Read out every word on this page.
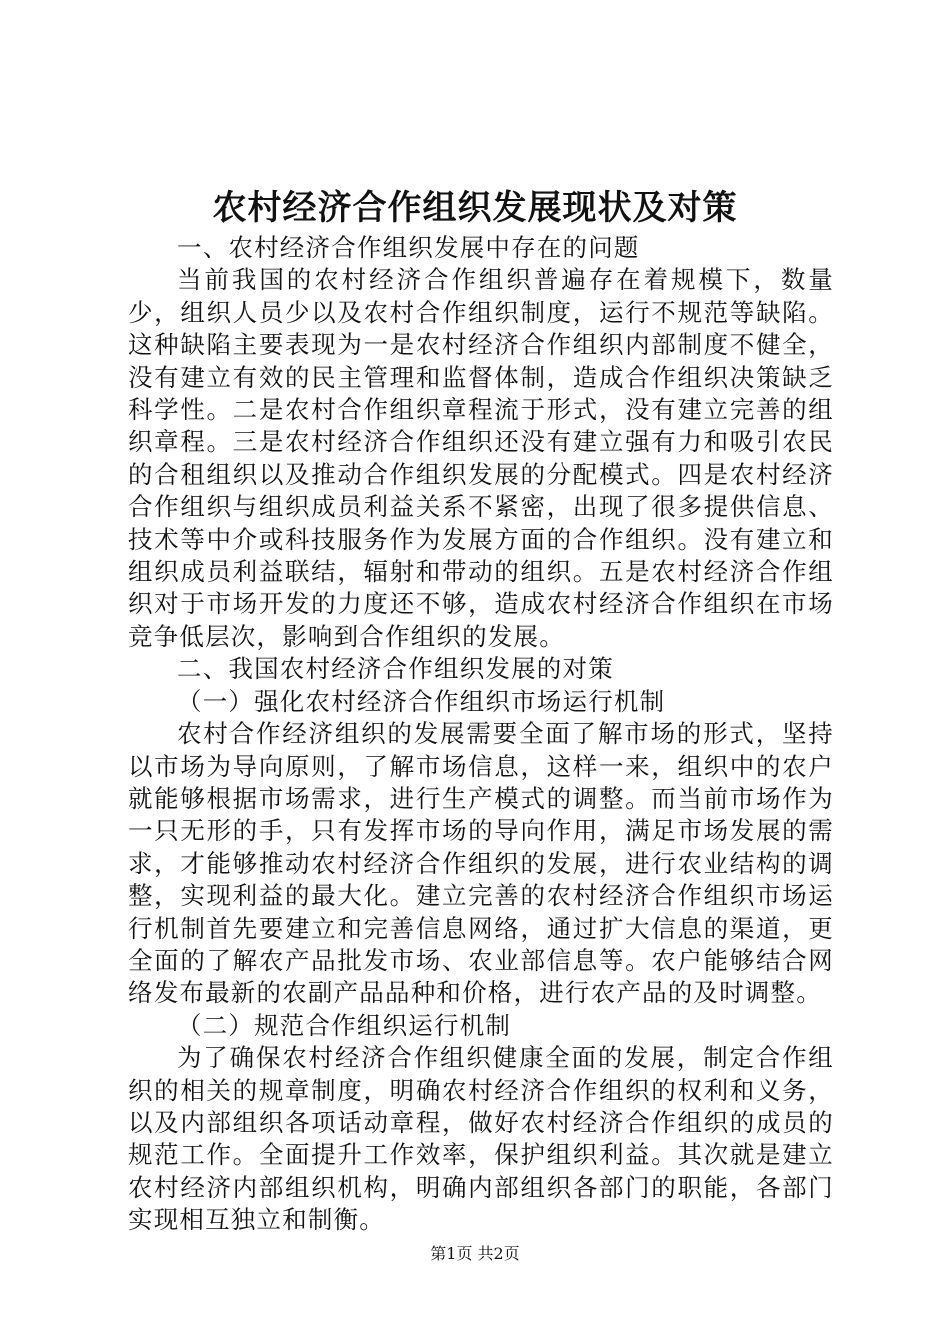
农村经济合作组织发展现状及对策

一、农村经济合作组织发展中存在的问题

当前我国的农村经济合作组织普遍存在着规模下，数量少，组织人员少以及农村合作组织制度，运行不规范等缺陷。这种缺陷主要表现为一是农村经济合作组织内部制度不健全，没有建立有效的民主管理和监督体制，造成合作组织决策缺乏科学性。二是农村合作组织章程流于形式，没有建立完善的组织章程。三是农村经济合作组织还没有建立强有力和吸引农民的合租组织以及推动合作组织发展的分配模式。四是农村经济合作组织与组织成员利益关系不紧密，出现了很多提供信息、技术等中介或科技服务作为发展方面的合作组织。没有建立和组织成员利益联结，辐射和带动的组织。五是农村经济合作组织对于市场开发的力度还不够，造成农村经济合作组织在市场竞争低层次，影响到合作组织的发展。

二、我国农村经济合作组织发展的对策

（一）强化农村经济合作组织市场运行机制

农村合作经济组织的发展需要全面了解市场的形式，坚持以市场为导向原则，了解市场信息，这样一来，组织中的农户就能够根据市场需求，进行生产模式的调整。而当前市场作为一只无形的手，只有发挥市场的导向作用，满足市场发展的需求，才能够推动农村经济合作组织的发展，进行农业结构的调整，实现利益的最大化。建立完善的农村经济合作组织市场运行机制首先要建立和完善信息网络，通过扩大信息的渠道，更全面的了解农产品批发市场、农业部信息等。农户能够结合网络发布最新的农副产品品种和价格，进行农产品的及时调整。

（二）规范合作组织运行机制

为了确保农村经济合作组织健康全面的发展，制定合作组织的相关的规章制度，明确农村经济合作组织的权利和义务，以及内部组织各项话动章程，做好农村经济合作组织的成员的规范工作。全面提升工作效率，保护组织利益。其次就是建立农村经济内部组织机构，明确内部组织各部门的职能，各部门实现相互独立和制衡。

第1页 共2页
